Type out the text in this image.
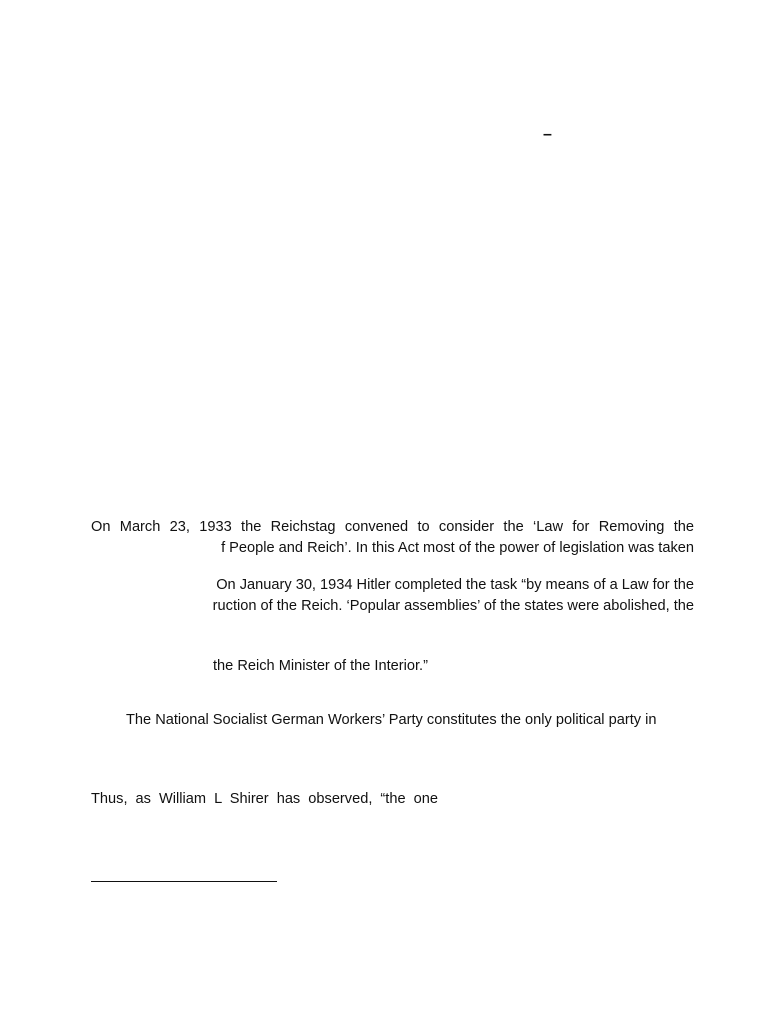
–
On March 23, 1933 the Reichstag convened to consider the ‘Law for Removing the
f People and Reich’. In this Act most of the power of legislation was taken
On January 30, 1934 Hitler completed the task “by means of a Law for the
ruction of the Reich. ‘Popular assemblies’ of the states were abolished, the
the Reich Minister of the Interior.”
The National Socialist German Workers’ Party constitutes the only political party in
Thus, as William L Shirer has observed, “the one
